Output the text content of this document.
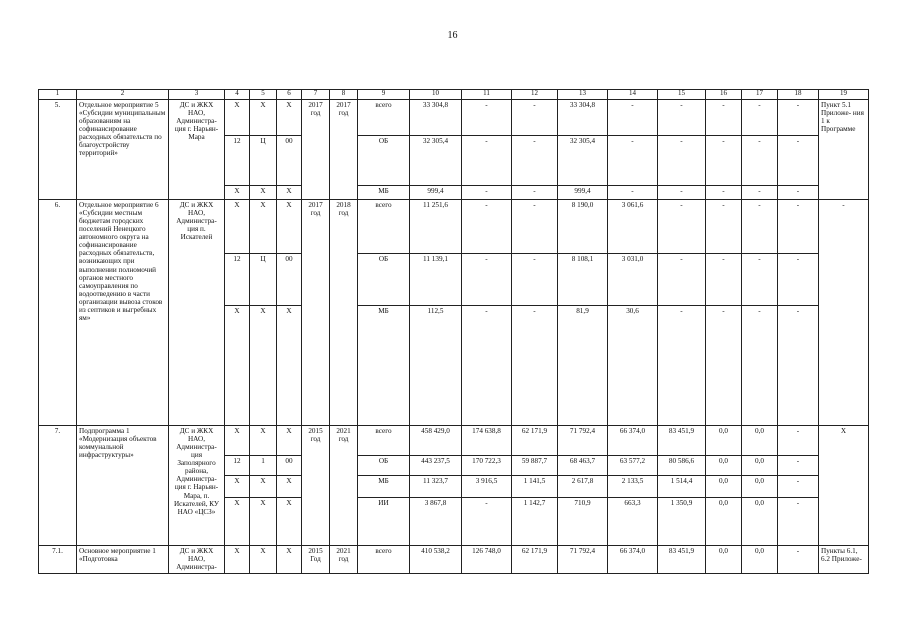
16
1	2	3	4	5	6	7	8	9	10	11	12	13	14	15	16	17	18	19
5.	Отдельное мероприятие 5 «Субсидии муниципальным образованиям на софинансирование расходных обязательств по благоустройству территорий»	ДС и ЖКХ НАО, Администра- ция г. Нарьян- Мара	Х	Х	Х	2017 год	2017 год	всего	33 304,8	-	-	33 304,8	-	-	-	-	-	Пункт 5.1 Приложе- ния 1 к Программе
			12	Ц	00			ОБ	32 305,4	-	-	32 305,4	-	-	-	-	-	
			Х	Х	Х			МБ	999,4	-	-	999,4	-	-	-	-	-	
6.	Отдельное мероприятие 6 «Субсидии местным бюджетам городских поселений Ненецкого автономного округа на софинансирование расходных обязательств, возникающих при выполнении полномочий органов местного самоуправления по водоотведению в части организации вывоза стоков из септиков и выгребных ям»	ДС и ЖКХ НАО, Администра- ция п. Искателей	Х	Х	Х	2017 год	2018 год	всего	11 251,6	-	-	8 190,0	3 061,6	-	-	-	-	-
			12	Ц	00			ОБ	11 139,1	-	-	8 108,1	3 031,0	-	-	-	-	
			Х	Х	Х			МБ	112,5	-	-	81,9	30,6	-	-	-	-	
7.	Подпрограмма 1 «Модернизация объектов коммунальной инфраструктуры»	ДС и ЖКХ НАО, Администра- ция Заполярного района, Администра- ция г. Нарьян- Мара, п. Искателей, КУ НАО «ЦСЗ»	Х	Х	Х	2015 год	2021 год	всего	458 429,0	174 638,8	62 171,9	71 792,4	66 374,0	83 451,9	0,0	0,0	-	Х
			12	1	00			ОБ	443 237,5	170 722,3	59 887,7	68 463,7	63 577,2	80 586,6	0,0	0,0	-	
			Х	Х	Х			МБ	11 323,7	3 916,5	1 141,5	2 617,8	2 133,5	1 514,4	0,0	0,0	-	
			Х	Х	Х			ИИ	3 867,8	-	1 142,7	710,9	663,3	1 350,9	0,0	0,0	-	
7.1.	Основное мероприятие 1 «Подготовка	ДС и ЖКХ НАО, Администра-	Х	Х	Х	2015 Год	2021 год	всего	410 538,2	126 748,0	62 171,9	71 792,4	66 374,0	83 451,9	0,0	0,0	-	Пункты 6.1, 6.2 Приложе-
